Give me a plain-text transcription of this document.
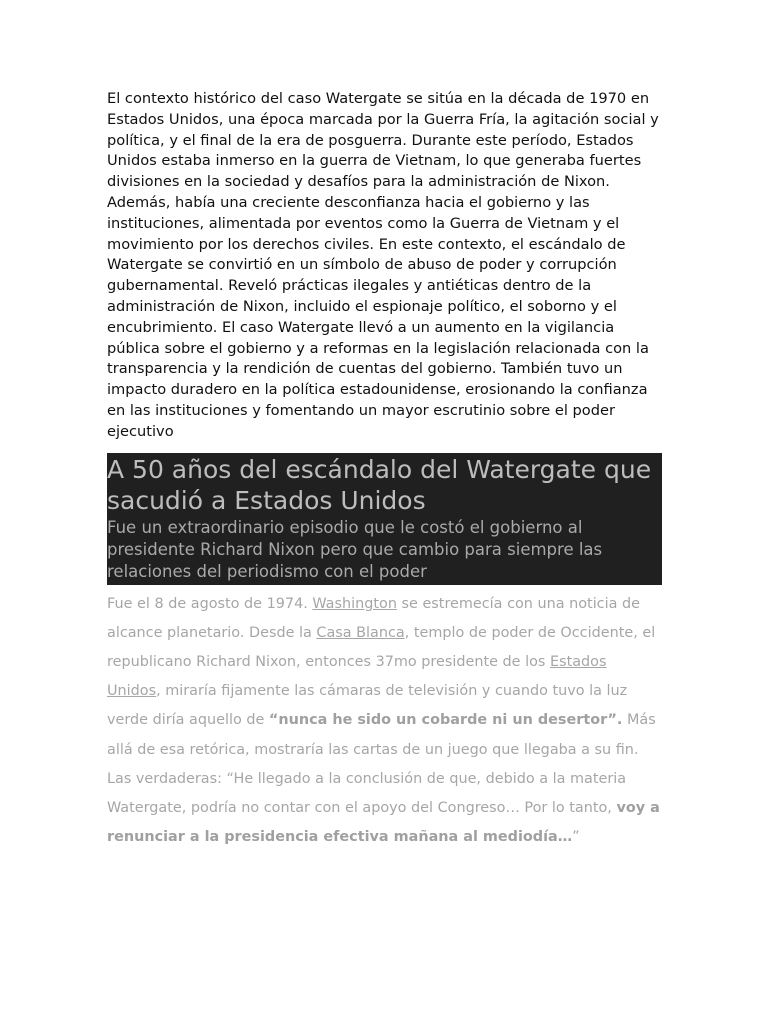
El contexto histórico del caso Watergate se sitúa en la década de 1970 en Estados Unidos, una época marcada por la Guerra Fría, la agitación social y política, y el final de la era de posguerra. Durante este período, Estados Unidos estaba inmerso en la guerra de Vietnam, lo que generaba fuertes divisiones en la sociedad y desafíos para la administración de Nixon. Además, había una creciente desconfianza hacia el gobierno y las instituciones, alimentada por eventos como la Guerra de Vietnam y el movimiento por los derechos civiles. En este contexto, el escándalo de Watergate se convirtió en un símbolo de abuso de poder y corrupción gubernamental. Reveló prácticas ilegales y antiéticas dentro de la administración de Nixon, incluido el espionaje político, el soborno y el encubrimiento. El caso Watergate llevó a un aumento en la vigilancia pública sobre el gobierno y a reformas en la legislación relacionada con la transparencia y la rendición de cuentas del gobierno. También tuvo un impacto duradero en la política estadounidense, erosionando la confianza en las instituciones y fomentando un mayor escrutinio sobre el poder ejecutivo

A 50 años del escándalo del Watergate que sacudió a Estados Unidos

Fue un extraordinario episodio que le costó el gobierno al presidente Richard Nixon pero que cambio para siempre las relaciones del periodismo con el poder

Fue el 8 de agosto de 1974. Washington se estremecía con una noticia de alcance planetario. Desde la Casa Blanca, templo de poder de Occidente, el republicano Richard Nixon, entonces 37mo presidente de los Estados Unidos, miraría fijamente las cámaras de televisión y cuando tuvo la luz verde diría aquello de “nunca he sido un cobarde ni un desertor”. Más allá de esa retórica, mostraría las cartas de un juego que llegaba a su fin. Las verdaderas: “He llegado a la conclusión de que, debido a la materia Watergate, podría no contar con el apoyo del Congreso… Por lo tanto, voy a renunciar a la presidencia efectiva mañana al mediodía…”
